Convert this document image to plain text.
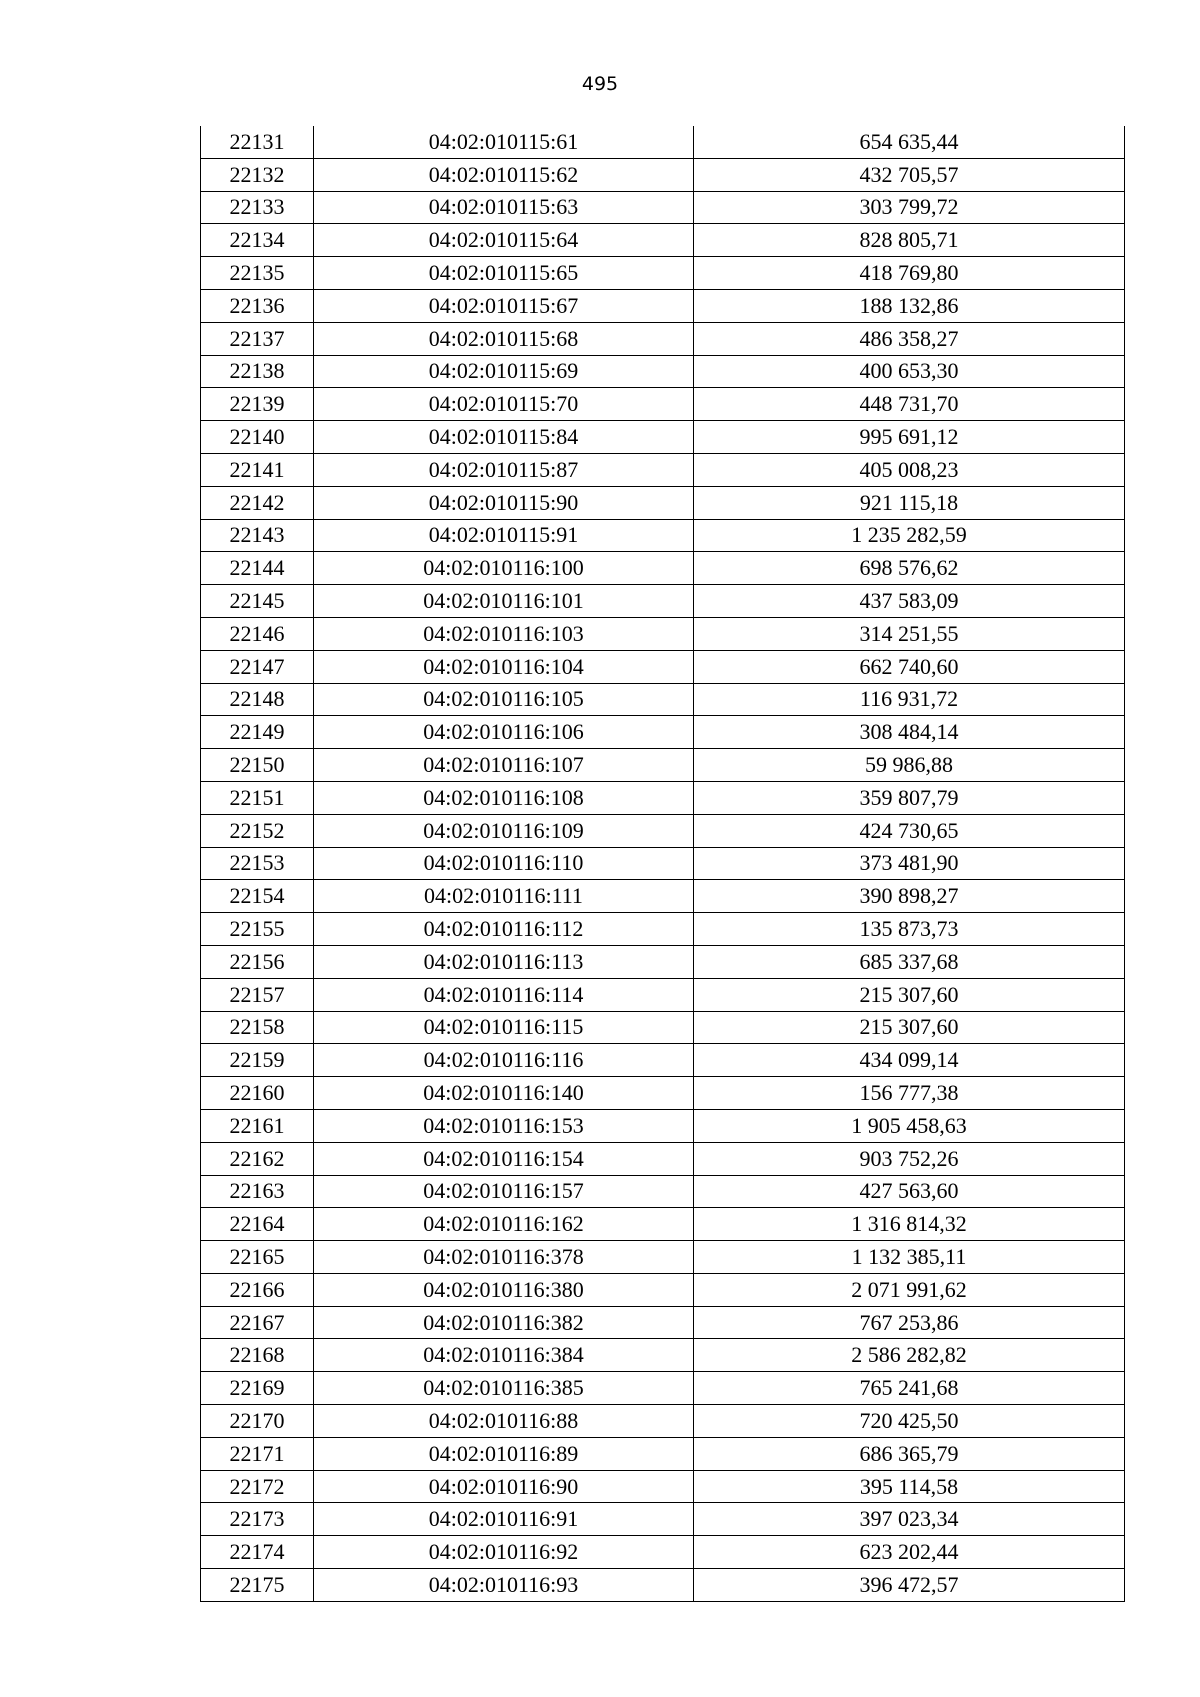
495
22131	04:02:010115:61	654 635,44
22132	04:02:010115:62	432 705,57
22133	04:02:010115:63	303 799,72
22134	04:02:010115:64	828 805,71
22135	04:02:010115:65	418 769,80
22136	04:02:010115:67	188 132,86
22137	04:02:010115:68	486 358,27
22138	04:02:010115:69	400 653,30
22139	04:02:010115:70	448 731,70
22140	04:02:010115:84	995 691,12
22141	04:02:010115:87	405 008,23
22142	04:02:010115:90	921 115,18
22143	04:02:010115:91	1 235 282,59
22144	04:02:010116:100	698 576,62
22145	04:02:010116:101	437 583,09
22146	04:02:010116:103	314 251,55
22147	04:02:010116:104	662 740,60
22148	04:02:010116:105	116 931,72
22149	04:02:010116:106	308 484,14
22150	04:02:010116:107	59 986,88
22151	04:02:010116:108	359 807,79
22152	04:02:010116:109	424 730,65
22153	04:02:010116:110	373 481,90
22154	04:02:010116:111	390 898,27
22155	04:02:010116:112	135 873,73
22156	04:02:010116:113	685 337,68
22157	04:02:010116:114	215 307,60
22158	04:02:010116:115	215 307,60
22159	04:02:010116:116	434 099,14
22160	04:02:010116:140	156 777,38
22161	04:02:010116:153	1 905 458,63
22162	04:02:010116:154	903 752,26
22163	04:02:010116:157	427 563,60
22164	04:02:010116:162	1 316 814,32
22165	04:02:010116:378	1 132 385,11
22166	04:02:010116:380	2 071 991,62
22167	04:02:010116:382	767 253,86
22168	04:02:010116:384	2 586 282,82
22169	04:02:010116:385	765 241,68
22170	04:02:010116:88	720 425,50
22171	04:02:010116:89	686 365,79
22172	04:02:010116:90	395 114,58
22173	04:02:010116:91	397 023,34
22174	04:02:010116:92	623 202,44
22175	04:02:010116:93	396 472,57
